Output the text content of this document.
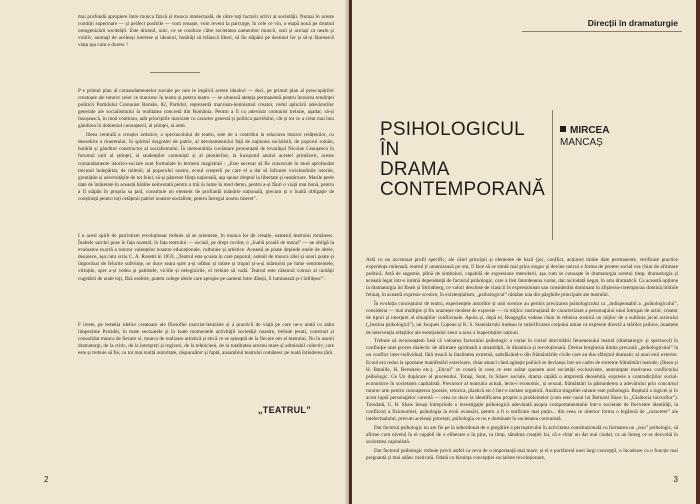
mai profundă apropiere între munca fizică și munca intelectuală, de către toți factorii activi ai societății. Numai în aceste condiții superioare — și perfect posibile — vom renaște, vom reveni la parcurge, în cele ce vin, o etapă nouă pe drumul omogenizării societății. Este drumul, unic, ce se conduce către societatea oamenilor muncii, unii și aceiași ca neam și volitiv, animați de aceleași interese și idealuri, hotărâți să trăiască liberi, să fie stăpâni pe destinul lor și să-și făurească viața așa cum o doresc !

P e primul plan al comandamentelor sociale pe care le implică aceste idealuri — deci, pe primul plan al preocupărilor creatoare ale tuturor celor ce muncesc în teatru și pentru teatru — se situează atenția permanentă pentru înnoirea tendinței politicii Partidului Comunist Român. 82, Partidul, reprezentă marxism-leninismul creator, rodul aplicării adevărurilor generale ale socialismului la realitatea concretă din România. Pentru a fi cu adevărat comunist trebuie, așadar, să-și însușească, în mod continuu, atât principiile marxiste cu caracter general și politica partidului, cât și tot ce a creat mai bun gândirea în domeniul cunoașterii, al științei, al artei.

Ideea centrală a creației artistice, a spectacolului de teatru, este de a contribui la educarea tuturor cetățenilor, cu deosebire a tineretului, în spiritul dragostei de patrie, al devotamentului față de națiunea socialistă, de poporul român, hotărât și gânditor constructor al socialismului. În memorabila cuvântare pronunțată de tovarășul Nicolae Ceaușescu în forumul unit al științei, al studenților comuniști și al pionierilor, la începutul anului acestei primăveri, aceste comandamente istorico-sociale sunt formulate în termeni magistrali : „Este necesar să fie cunoscute în mod aprofundat trecutul îndepărtat, de milenii, al poporului nostru, ecoul creșterii pe care el a dat să înfrunte vicisitudinile istoriei, greutățile și adversitățile de tot felul, să-și păstreze ființa națională, așa spune dreptul la libertate și neatârnare. Marile perle date de întâietate în această bătălie neîncetată pentru a trăi în lume în mod demn, pentru a-și făuri o viață mai bună, pentru a fi stăpân în propria sa țară, constituie un element de profundă mândrie națională, precum și o înaltă obligație de conștiință pentru toți cetățenii patriei noastre socialiste, pentru întregul nostru tineret”.

I n acest spirit de patriotism revoluționar trebuie să se orienteze, în munca lor de creație, oamenii teatrului românesc. Înaltele sarcini puse în fața noastră, în fața teatrului — sociali, pe drept cuvânt, o „înaltă școală de moral” — ne obligă la evaluarea exactă a tuturor valențelor noastre educaționale, culturale și artistice. Această se poate depinde unele de altele, deoarece, așa cum scria C. A. Rosetti în 1859, „Teatrul este școala în care poporul, ostenit de munca zilei și unori poate și împovărat de felurite suferințe, se duce seara spre a-și odihni și minte și trupul și-a-și mărturisi pe lume sentimentele, virtuțile, spre a-și vedea și patimele, viciile și nelegiuirile, el trebuie să vadă. Teatrul este căminul comun al unității cugetării de unde toți, fără osebire, putem culege ideile care apropie pe oameni între dânșii, îi luminează și-i înfrățesc”.

F ireste, pe temelia ideilor creatoare ale filosofiei marxist-leniniste și a practicii de viață pe care ne-o arată cu atâta limpezime Partidul, în toate sectoarele și în toate momentele activității societății noastre, trebuie țesuti, construit și consolidat munca de fiecare zi, munca de realizare artistică și etică ce se așteaptă de la fiecare om al teatrului. Nu în asumi dramaturgi, de la critic, de la interpreți și regizori, de la tehnicieni, de la totalitatea acestui mare și admirabil colectiv, care este și trebuie să fie, cu tot mai multă autoritate, răspunzător și faptă, ansamblul teatrului românesc pe toată întinderea țării.

„TEATRUL”
2
Direcții în dramaturgie
PSIHOLOGICUL
ÎN
DRAMA
CONTEMPORANĂ
MIRCEA
MANCAȘ

Artă cu un accentuat profil specific, ale cărei principii și elemente de bază (joc, conflict, acțiune) timite date permanente, verificate practice experiența milenară, teatrul ți umanizează pe om, îl face să se simtă mai prins singur și devine unicul e forma de protest social ora chiar de afirmare politică. Artă de sugestie, plină de simboluri, capabilă de expresiune metodorii, așa cum se cunoaște în dramaturgia acestui timp, dramaturgia și această legat intr-o intimă dependență de factorul psihologic, care a fost întotdeauna variat, dar niciodată negat, în arta dramatică. Ca această opțiune la dramaturgia lui Ibsen și Strindberg, ce valori deschise de clasicii în expresionism sau considerăm dominant în afișierea-cotemporan domină limbile felinaț, în această expresie scenice, în existențialism, „psihologicul” rămâne una din pârghiile principale ale teatrului.

În evoluția conceptului de teatru, experiențele autorilor și unii scenice au permis precizarea psihologicului ca „indispensabil a „psihologicului”, considerat — mai multiple și fin unanește modest de expresie — cu mijloc sustinuțiană de caracterizare a personajului unui întrupat de actor, creator de tipuri și interpret al situațiilor conflictuale. Apoia și, după el, Reagoglia vedeau chiar în tehnica scenică un mijloc de a sublinia jocul actorului („Instina psihologică”), iar Jacques Copeau și K. S. Stanislavski tindeau la valorificarea corpului uman ca expresie directă a stărilor psihice, nuanțele de intervenția relațiilor ale esențialelor sieur a acea a înaperinților națiuni.

Trebuie să recunoaștem însă că valoarea factorului psihologic a variat în cursul dezvoltării fenomenului teatral (dramaturgic și spectacol) în confluiție unei proces dialectic de afirmare spirituală a umanității, în dinamica și revoluționară. Dreina borghezia limita precaută „psihologicului” la un conflict inter-individual, fără treacă la fatalitatea extremă, satisfăcând-o din frământările civile care au dus sfârșitul dramatic al unui eroi exterior. Ecoul era redus la spontane manifestări exterioare, chiar atunci când agitația psihică se declanșa într-un cadru de extreme frământări teatrale, (Ibsen și H. Bataille, H. Bernstein etc.). „Eticul” ce constă în ceea ce este arătat spunem acel societăți exclusiviste, amenințate motivarea conflictului psihologic. Ce Un dupăcare al procesului. Totuși, Sunt, în Silaev sociale, drama capătă o amprentă deosebită, expresie a contradicțiilor social-economice în societatea capitalistă. Precursor al teatrului actual, lecto-i economic, și sexual, frământări la pătrunderea a adevărului prin concursul tuturor arte pentru cunoașterea (poezie, retorica, plastică etc.) într-o unitate organică. Analiza tragediei umane este psihologia. Ruptură a logicei și în acest luptă personajelor curentă — ceea ce duce la identificarea proprie a problemelor (cum este cazul lui Bernard Shaw în „Căsătoria lucrurilor”). Totodată, G. B. Shaw însuși întreprinde o investigație psihologică adevărată asupra comportamentului într-o societate de frecvente identități, la conflictul a fizionomiei, psihologia la eroii avansări, pentru a fi o unificare mai puțin... din ceea ce ulterior forma o legătură de „caractere” ale intelectualului, precum aceleași pitorești, psihologia ce nu e dominant în societatea comunistă.

Dar factorul psihologic nu are fie pe la subordonat de o pregătire a perceptivului în activitatea constituțională cu formarea un „nou” psihologic, să afirme cum nivelul în el capabil de o eliberare a în plus, ca timp, sământa creației lui, că e chiar un dat mai ciudat, ca un întreg ce se dezvoltă în societatea capitalistă.

Dar factorul psihologic trebuie privit astfel ca ceva de o importanță mai mare: și el e purtătorul unei largi concepții, o încadrare ca o funcție mai pregnantă și mai adânc motivată. Odată cu biruința concepției socialiste revoluționare,

3
